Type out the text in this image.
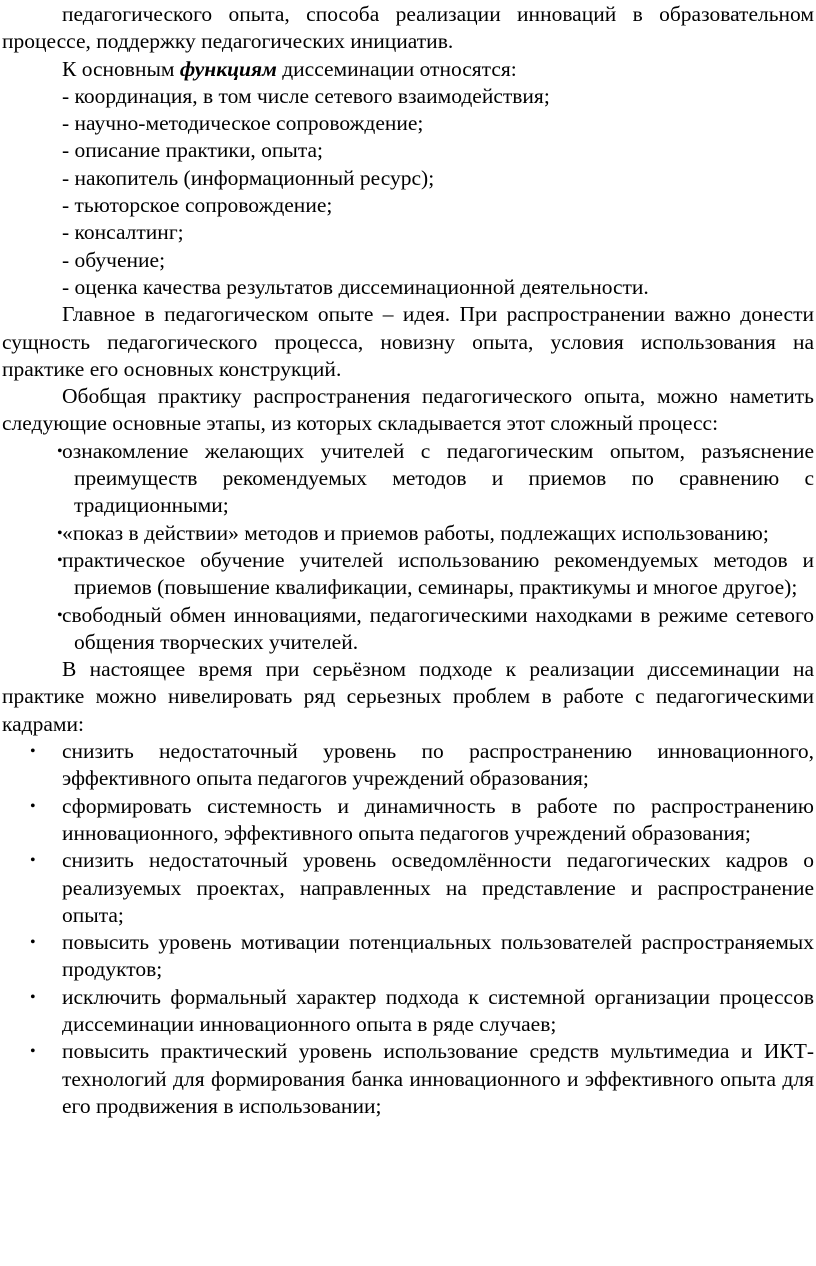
педагогического опыта, способа реализации инноваций в образовательном процессе, поддержку педагогических инициатив.

К основным функциям диссеминации относятся:

- координация, в том числе сетевого взаимодействия;

- научно-методическое сопровождение;

- описание практики, опыта;

- накопитель (информационный ресурс);

- тьюторское сопровождение;

- консалтинг;

- обучение;

- оценка качества результатов диссеминационной деятельности.

Главное в педагогическом опыте – идея. При распространении важно донести сущность педагогического процесса, новизну опыта, условия использования на практике его основных конструкций.

Обобщая практику распространения педагогического опыта, можно наметить следующие основные этапы, из которых складывается этот сложный процесс:

• ознакомление желающих учителей с педагогическим опытом, разъяснение преимуществ рекомендуемых методов и приемов по сравнению с традиционными;
• «показ в действии» методов и приемов работы, подлежащих использованию;
• практическое обучение учителей использованию рекомендуемых методов и приемов (повышение квалификации, семинары, практикумы и многое другое);
• свободный обмен инновациями, педагогическими находками в режиме сетевого общения творческих учителей.

В настоящее время при серьёзном подходе к реализации диссеминации на практике можно нивелировать ряд серьезных проблем в работе с педагогическими кадрами:

• снизить недостаточный уровень по распространению инновационного, эффективного опыта педагогов учреждений образования;
• сформировать системность и динамичность в работе по распространению инновационного, эффективного опыта педагогов учреждений образования;
• снизить недостаточный уровень осведомлённости педагогических кадров о реализуемых проектах, направленных на представление и распространение опыта;
• повысить уровень мотивации потенциальных пользователей распространяемых продуктов;
• исключить формальный характер подхода к системной организации процессов диссеминации инновационного опыта в ряде случаев;
• повысить практический уровень использование средств мультимедиа и ИКТ-технологий для формирования банка инновационного и эффективного опыта для его продвижения в использовании;
